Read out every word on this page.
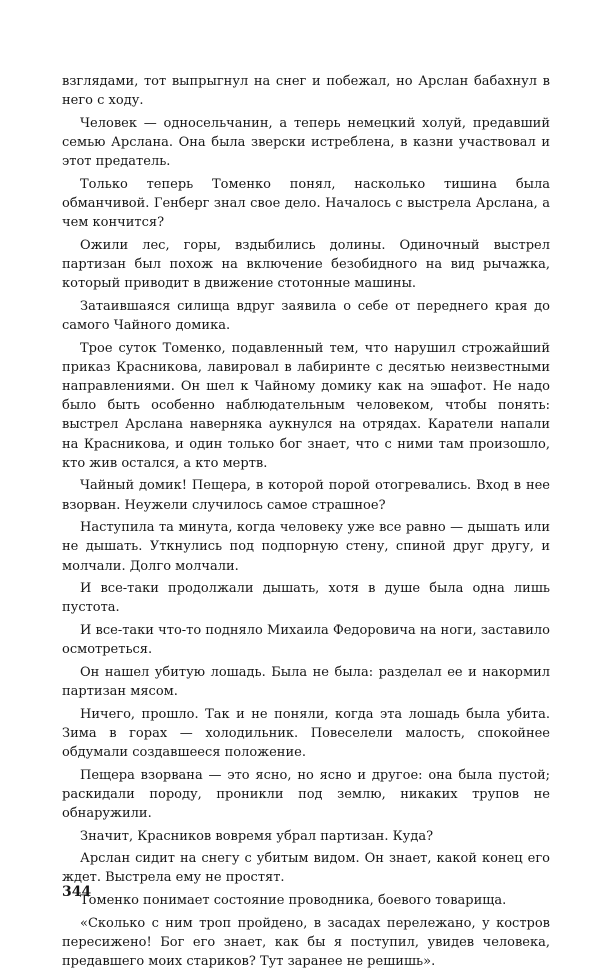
взглядами, тот выпрыгнул на снег и побежал, но Арслан бабахнул в него с ходу.

Человек — односельчанин, а теперь немецкий холуй, предавший семью Арслана. Она была зверски истреблена, в казни участвовал и этот предатель.

Только теперь Томенко понял, насколько тишина была обманчивой. Генберг знал свое дело. Началось с выстрела Арслана, а чем кончится?

Ожили лес, горы, вздыбились долины. Одиночный выстрел партизан был похож на включение безобидного на вид рычажка, который приводит в движение стотонные машины.

Затаившаяся силища вдруг заявила о себе от переднего края до самого Чайного домика.

Трое суток Томенко, подавленный тем, что нарушил строжайший приказ Красникова, лавировал в лабиринте с десятью неизвестными направлениями. Он шел к Чайному домику как на эшафот. Не надо было быть особенно наблюдательным человеком, чтобы понять: выстрел Арслана наверняка аукнулся на отрядах. Каратели напали на Красникова, и один только бог знает, что с ними там произошло, кто жив остался, а кто мертв.

Чайный домик! Пещера, в которой порой отогревались. Вход в нее взорван. Неужели случилось самое страшное?

Наступила та минута, когда человеку уже все равно — дышать или не дышать. Уткнулись под подпорную стену, спиной друг другу, и молчали. Долго молчали.

И все-таки продолжали дышать, хотя в душе была одна лишь пустота.

И все-таки что-то подняло Михаила Федоровича на ноги, заставило осмотреться.

Он нашел убитую лошадь. Была не была: разделал ее и накормил партизан мясом.

Ничего, прошло. Так и не поняли, когда эта лошадь была убита. Зима в горах — холодильник. Повеселели малость, спокойнее обдумали создавшееся положение.

Пещера взорвана — это ясно, но ясно и другое: она была пустой; раскидали породу, проникли под землю, никаких трупов не обнаружили.

Значит, Красников вовремя убрал партизан. Куда?

Арслан сидит на снегу с убитым видом. Он знает, какой конец его ждет. Выстрела ему не простят.

Томенко понимает состояние проводника, боевого товарища.

«Сколько с ним троп пройдено, в засадах перележано, у костров пересижено! Бог его знает, как бы я поступил, увидев человека, предавшего моих стариков? Тут заранее не решишь».

344
